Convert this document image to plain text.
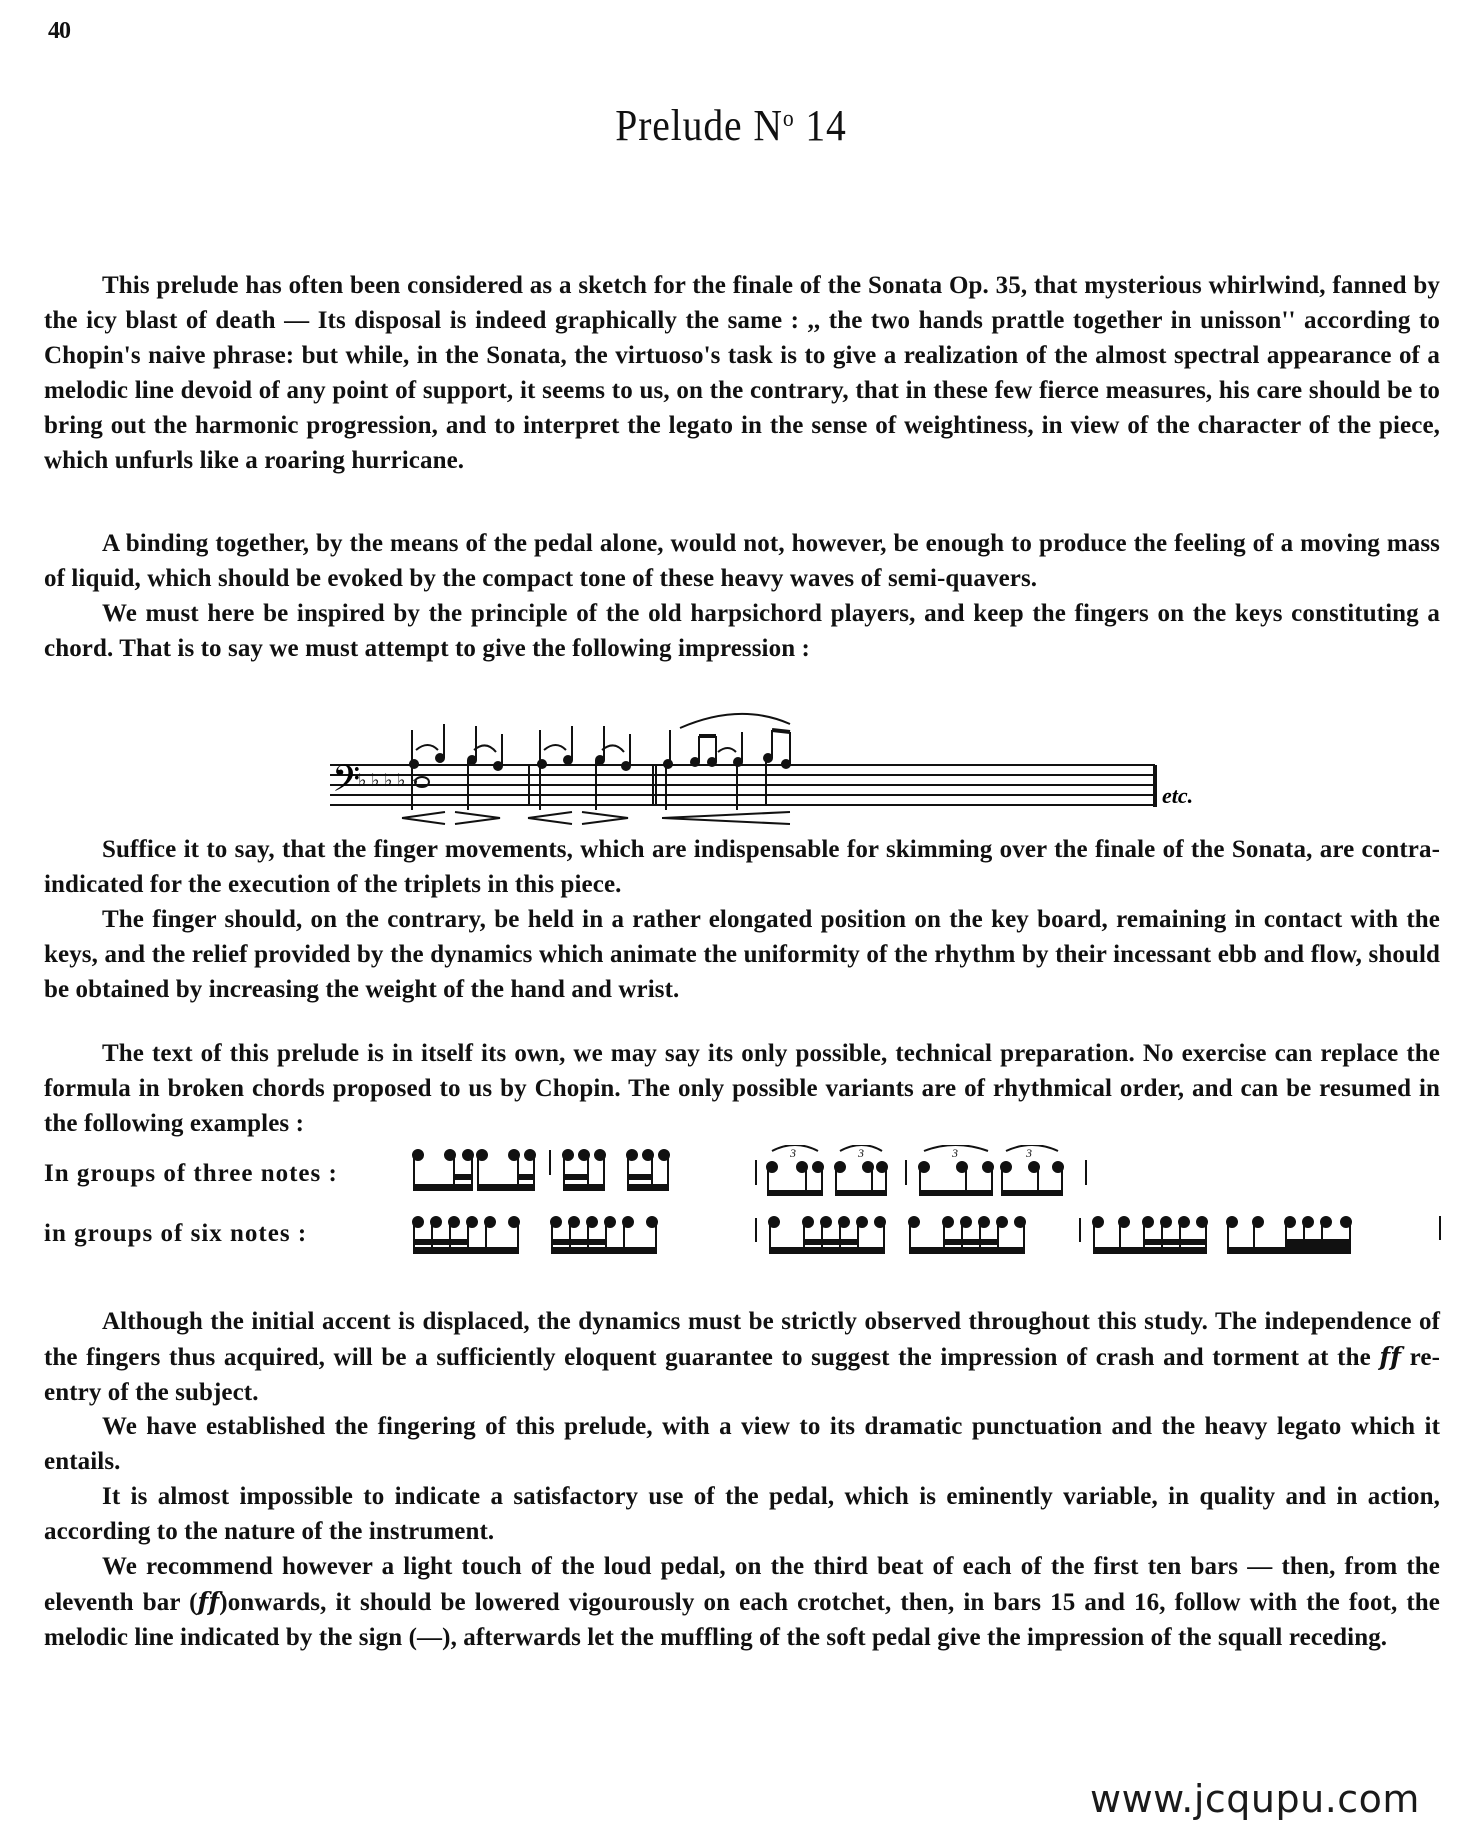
40
Prelude $N^o$ 14

This prelude has often been considered as a sketch for the finale of the Sonata Op. 35, that mysterious whirlwind, fanned by the icy blast of death — Its disposal is indeed graphically the same : ,, the two hands prattle together in unisson'' according to Chopin's naive phrase: but while, in the Sonata, the virtuoso's task is to give a realization of the almost spectral appearance of a melodic line devoid of any point of support, it seems to us, on the contrary, that in these few fierce measures, his care should be to bring out the harmonic progression, and to interpret the legato in the sense of weightiness, in view of the character of the piece, which unfurls like a roaring hurricane.

A binding together, by the means of the pedal alone, would not, however, be enough to produce the feeling of a moving mass of liquid, which should be evoked by the compact tone of these heavy waves of semi-quavers.

We must here be inspired by the principle of the old harpsichord players, and keep the fingers on the keys constituting a chord. That is to say we must attempt to give the following impression :

𝄢
♭ ♭ ♭ ♭ ♭
etc.

Suffice it to say, that the finger movements, which are indispensable for skimming over the finale of the Sonata, are contra-indicated for the execution of the triplets in this piece.

The finger should, on the contrary, be held in a rather elongated position on the key board, remaining in contact with the keys, and the relief provided by the dynamics which animate the uniformity of the rhythm by their incessant ebb and flow, should be obtained by increasing the weight of the hand and wrist.

The text of this prelude is in itself its own, we may say its only possible, technical preparation. No exercise can replace the formula in broken chords proposed to us by Chopin. The only possible variants are of rhythmical order, and can be resumed in the following examples :

In groups of three notes :
in groups of six notes :
3	3	3	3

Although the initial accent is displaced, the dynamics must be strictly observed throughout this study. The independence of the fingers thus acquired, will be a sufficiently eloquent guarantee to suggest the impression of crash and torment at the ff re-entry of the subject.

We have established the fingering of this prelude, with a view to its dramatic punctuation and the heavy legato which it entails.

It is almost impossible to indicate a satisfactory use of the pedal, which is eminently variable, in quality and in action, according to the nature of the instrument.

We recommend however a light touch of the loud pedal, on the third beat of each of the first ten bars — then, from the eleventh bar (ff)onwards, it should be lowered vigourously on each crotchet, then, in bars 15 and 16, follow with the foot, the melodic line indicated by the sign (—), afterwards let the muffling of the soft pedal give the impression of the squall receding.

www.jcqupu.com
